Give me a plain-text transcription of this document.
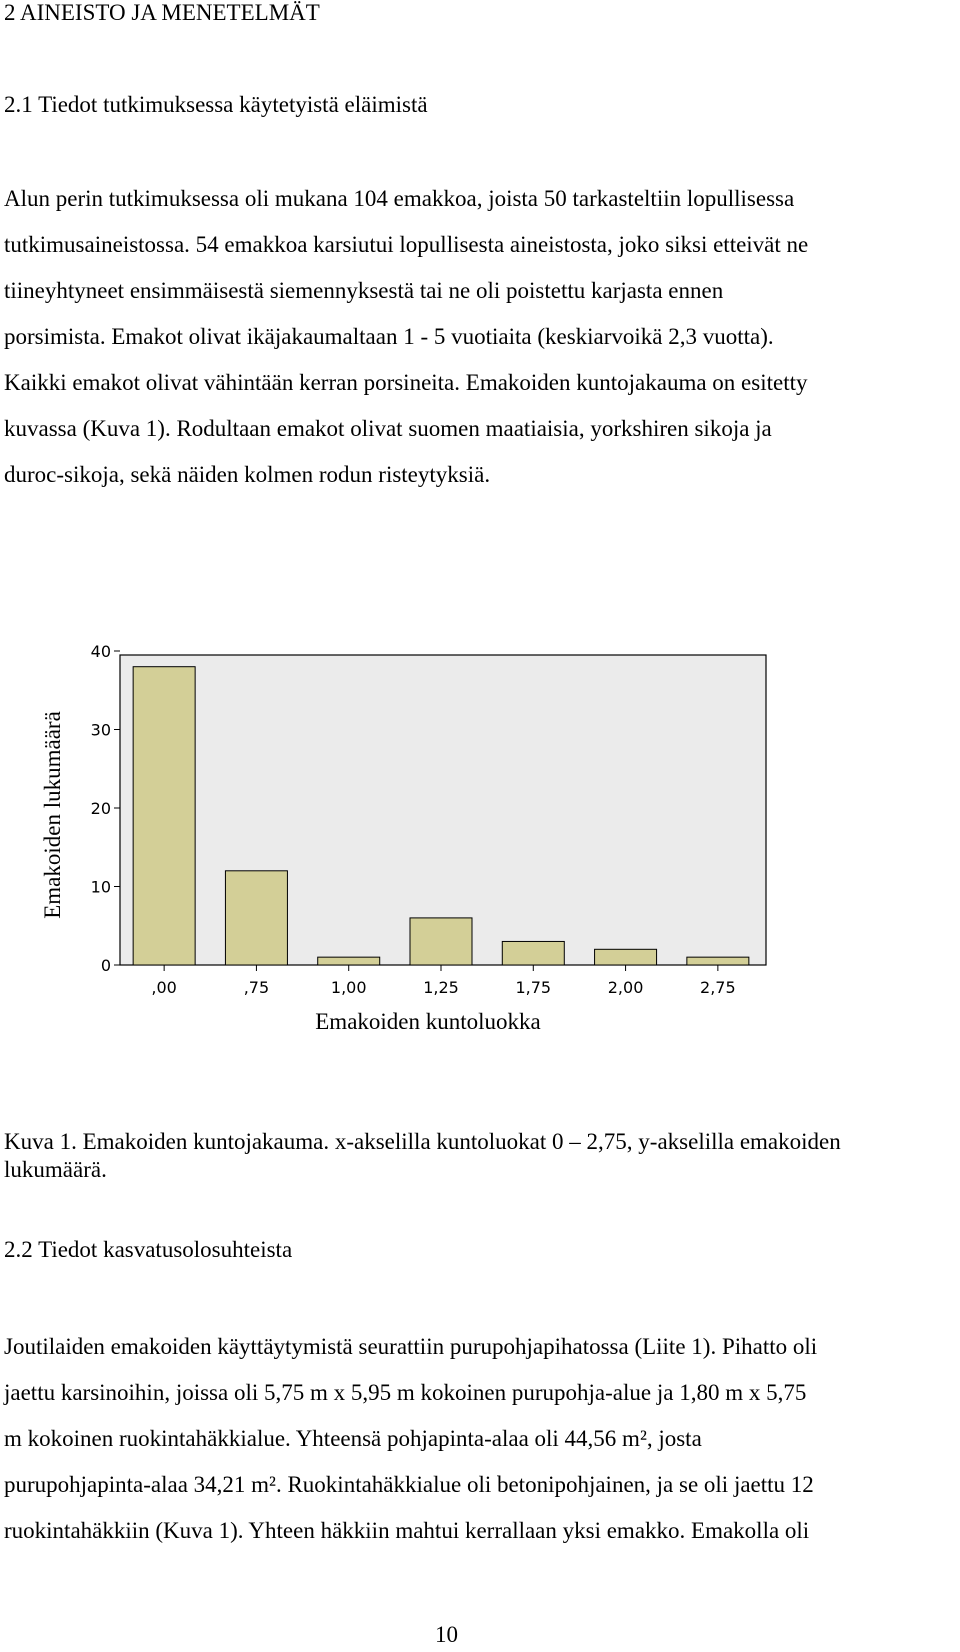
2 AINEISTO JA MENETELMÄT
2.1 Tiedot tutkimuksessa käytetyistä eläimistä
Alun perin tutkimuksessa oli mukana 104 emakkoa, joista 50 tarkasteltiin lopullisessa
tutkimusaineistossa. 54 emakkoa karsiutui lopullisesta aineistosta, joko siksi etteivät ne
tiineyhtyneet ensimmäisestä siemennyksestä tai ne oli poistettu karjasta ennen
porsimista. Emakot olivat ikäjakaumaltaan 1 - 5 vuotiaita (keskiarvoikä 2,3 vuotta).
Kaikki emakot olivat vähintään kerran porsineita. Emakoiden kuntojakauma on esitetty
kuvassa (Kuva 1). Rodultaan emakot olivat suomen maatiaisia, yorkshiren sikoja ja
duroc-sikoja, sekä näiden kolmen rodun risteytyksiä.
0
10
20
30
40
,00	,75	1,00	1,25	1,75	2,00	2,75
Emakoiden kuntoluokka
Emakoiden lukumäärä
Kuva 1. Emakoiden kuntojakauma. x-akselilla kuntoluokat 0 – 2,75, y-akselilla emakoiden lukumäärä.
2.2 Tiedot kasvatusolosuhteista
Joutilaiden emakoiden käyttäytymistä seurattiin purupohjapihatossa (Liite 1). Pihatto oli
jaettu karsinoihin, joissa oli 5,75 m x 5,95 m kokoinen purupohja-alue ja 1,80 m x 5,75
m kokoinen ruokintahäkkialue. Yhteensä pohjapinta-alaa oli 44,56 m², josta
purupohjapinta-alaa 34,21 m². Ruokintahäkkialue oli betonipohjainen, ja se oli jaettu 12
ruokintahäkkiin (Kuva 1). Yhteen häkkiin mahtui kerrallaan yksi emakko. Emakolla oli
10
